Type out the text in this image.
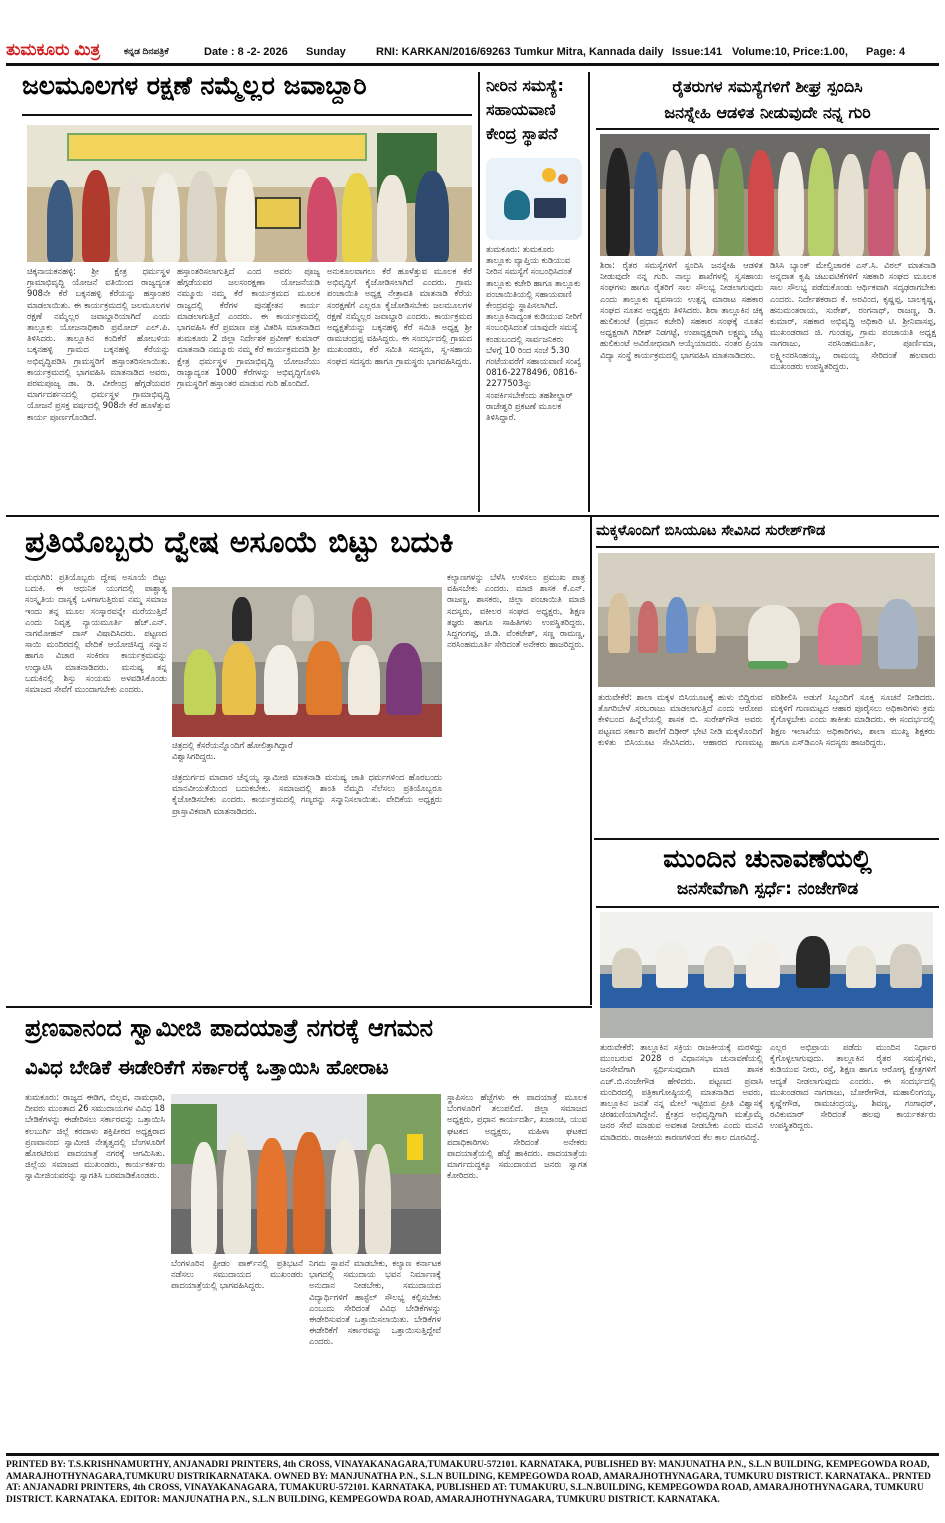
ತುಮಕೂರು ಮಿತ್ರ	ಕನ್ನಡ ದಿನಪತ್ರಿಕೆ	Date : 8 -2- 2026 Sunday	RNI: KARKAN/2016/69263 Tumkur Mitra, Kannada daily Issue:141 Volume:10, Price:1.00, Page: 4
ಜಲಮೂಲಗಳ ರಕ್ಷಣೆ ನಮ್ಮೆಲ್ಲರ ಜವಾಬ್ದಾರಿ
ಚಿಕ್ಕನಾಯಕನಹಳ್ಳಿ: ಶ್ರೀ ಕ್ಷೇತ್ರ ಧರ್ಮಸ್ಥಳ ಗ್ರಾಮಾಭಿವೃದ್ಧಿ ಯೋಜನೆ ವತಿಯಿಂದ ರಾಜ್ಯದ್ಯಂತ 908ನೇ ಕೆರೆ ಬಕ್ಕನಹಳ್ಳಿ ಕೆರೆಯನ್ನು ಹಸ್ತಾಂತರ ಮಾಡಲಾಯಿತು. ಈ ಕಾರ್ಯಕ್ರಮದಲ್ಲಿ ಜಲಮೂಲಗಳ ರಕ್ಷಣೆ ನಮ್ಮೆಲ್ಲರ ಜವಾಬ್ದಾರಿಯಾಗಿದೆ ಎಂದು ತಾಲ್ಲೂಕು ಯೋಜನಾಧಿಕಾರಿ ಪ್ರಮೋದ್ ಎಲ್.ಪಿ. ತಿಳಿಸಿದರು. ತಾಲ್ಲೂಕಿನ ಕಂದಿಕೆರೆ ಹೋಬಳಿಯ ಬಕ್ಕನಹಳ್ಳಿ ಗ್ರಾಮದ ಬಕ್ಕನಹಳ್ಳಿ ಕೆರೆಯನ್ನು ಅಭಿವೃದ್ಧಿಪಡಿಸಿ ಗ್ರಾಮಸ್ಥರಿಗೆ ಹಸ್ತಾಂತರಿಸಲಾಯಿತು. ಕಾರ್ಯಕ್ರಮದಲ್ಲಿ ಭಾಗವಹಿಸಿ ಮಾತನಾಡಿದ ಅವರು, ಪರಮಪೂಜ್ಯ ಡಾ. ಡಿ. ವೀರೇಂದ್ರ ಹೆಗ್ಗಡೆಯವರ ಮಾರ್ಗದರ್ಶನದಲ್ಲಿ ಧರ್ಮಸ್ಥಳ ಗ್ರಾಮಾಭಿವೃದ್ಧಿ ಯೋಜನೆ ಪ್ರಸಕ್ತ ವರ್ಷದಲ್ಲಿ 908ನೇ ಕೆರೆ ಹೂಳೆತ್ತುವ ಕಾರ್ಯ ಪೂರ್ಣಗೊಂಡಿದೆ.
ಹಸ್ತಾಂತರಿಸಲಾಗುತ್ತಿದೆ ಎಂದ ಅವರು ಪೂಜ್ಯ ಹೆಗ್ಗಡೆಯವರ ಜಲಸಂರಕ್ಷಣಾ ಯೋಜನೆಯಡಿ ನಮ್ಮೂರು ನಮ್ಮ ಕೆರೆ ಕಾರ್ಯಕ್ರಮದ ಮೂಲಕ ರಾಜ್ಯದಲ್ಲಿ ಕೆರೆಗಳ ಪುನಶ್ಚೇತನ ಕಾರ್ಯ ಮಾಡಲಾಗುತ್ತಿದೆ ಎಂದರು. ಈ ಕಾರ್ಯಕ್ರಮದಲ್ಲಿ ಭಾಗವಹಿಸಿ ಕೆರೆ ಪ್ರಮಾಣ ಪತ್ರ ವಿತರಿಸಿ ಮಾತನಾಡಿದ ತುಮಕೂರು 2 ಜಿಲ್ಲಾ ನಿರ್ದೇಶಕ ಪ್ರವೀಣ್ ಕುಮಾರ್ ಮಾತನಾಡಿ ನಮ್ಮೂರು ನಮ್ಮ ಕೆರೆ ಕಾರ್ಯಕ್ರಮದಡಿ ಶ್ರೀ ಕ್ಷೇತ್ರ ಧರ್ಮಸ್ಥಳ ಗ್ರಾಮಾಭಿವೃದ್ಧಿ ಯೋಜನೆಯು ರಾಜ್ಯಾದ್ಯಂತ 1000 ಕೆರೆಗಳನ್ನು ಅಭಿವೃದ್ಧಿಗೊಳಿಸಿ ಗ್ರಾಮಸ್ಥರಿಗೆ ಹಸ್ತಾಂತರ ಮಾಡುವ ಗುರಿ ಹೊಂದಿದೆ.
ಅನುಕೂಲವಾಗಲು ಕೆರೆ ಹೂಳೆತ್ತುವ ಮೂಲಕ ಕೆರೆ ಅಭಿವೃದ್ಧಿಗೆ ಕೈಜೋಡಿಸಲಾಗಿದೆ ಎಂದರು. ಗ್ರಾಮ ಪಂಚಾಯಿತಿ ಅಧ್ಯಕ್ಷ ನೇತ್ರಾವತಿ ಮಾತನಾಡಿ ಕೆರೆಯ ಸಂರಕ್ಷಣೆಗೆ ಎಲ್ಲರೂ ಕೈಜೋಡಿಸಬೇಕು ಜಲಮೂಲಗಳ ರಕ್ಷಣೆ ನಮ್ಮೆಲ್ಲರ ಜವಾಬ್ದಾರಿ ಎಂದರು. ಕಾರ್ಯಕ್ರಮದ ಅಧ್ಯಕ್ಷತೆಯನ್ನು ಬಕ್ಕನಹಳ್ಳಿ ಕೆರೆ ಸಮಿತಿ ಅಧ್ಯಕ್ಷ ಶ್ರೀ ರಾಮಚಂದ್ರಪ್ಪ ವಹಿಸಿದ್ದರು. ಈ ಸಂದರ್ಭದಲ್ಲಿ ಗ್ರಾಮದ ಮುಖಂಡರು, ಕೆರೆ ಸಮಿತಿ ಸದಸ್ಯರು, ಸ್ವ-ಸಹಾಯ ಸಂಘದ ಸದಸ್ಯರು ಹಾಗೂ ಗ್ರಾಮಸ್ಥರು ಭಾಗವಹಿಸಿದ್ದರು.
ನೀರಿನ ಸಮಸ್ಯೆ: ಸಹಾಯವಾಣಿ ಕೇಂದ್ರ ಸ್ಥಾಪನೆ
ತುಮಕೂರು: ತುಮಕೂರು ತಾಲ್ಲೂಕು ವ್ಯಾಪ್ತಿಯ ಕುಡಿಯುವ ನೀರಿನ ಸಮಸ್ಯೆಗೆ ಸಂಬಂಧಿಸಿದಂತೆ ತಾಲ್ಲೂಕು ಕಚೇರಿ ಹಾಗೂ ತಾಲ್ಲೂಕು ಪಂಚಾಯಿತಿಯಲ್ಲಿ ಸಹಾಯವಾಣಿ ಕೇಂದ್ರವನ್ನು ಸ್ಥಾಪಿಸಲಾಗಿದೆ. ತಾಲ್ಲೂಕಿನಾದ್ಯಂತ ಕುಡಿಯುವ ನೀರಿಗೆ ಸಂಬಂಧಿಸಿದಂತೆ ಯಾವುದೇ ಸಮಸ್ಯೆ ಕಂಡುಬಂದಲ್ಲಿ ಸಾರ್ವಜನಿಕರು ಬೆಳಗ್ಗೆ 10 ರಿಂದ ಸಂಜೆ 5.30 ಗಂಟೆಯವರೆಗೆ ಸಹಾಯವಾಣಿ ಸಂಖ್ಯೆ 0816-2278496, 0816-2277503ನ್ನು ಸಂಪರ್ಕಿಸಬೇಕೆಂದು ತಹಶೀಲ್ದಾರ್ ರಾಜೇಶ್ವರಿ ಪ್ರಕಟಣೆ ಮೂಲಕ ತಿಳಿಸಿದ್ದಾರೆ.
ರೈತರುಗಳ ಸಮಸ್ಯೆಗಳಿಗೆ ಶೀಘ್ರ ಸ್ಪಂದಿಸಿ
ಜನಸ್ನೇಹಿ ಆಡಳಿತ ನೀಡುವುದೇ ನನ್ನ ಗುರಿ
ಶಿರಾ: ರೈತರ ಸಮಸ್ಯೆಗಳಿಗೆ ಸ್ಪಂದಿಸಿ ಜನಸ್ನೇಹಿ ಆಡಳಿತ ನೀಡುವುದೇ ನನ್ನ ಗುರಿ. ನಾಲ್ಕು ಶಾಖೆಗಳಲ್ಲಿ ಸ್ವಸಹಾಯ ಸಂಘಗಳು ಹಾಗೂ ರೈತರಿಗೆ ಸಾಲ ಸೌಲಭ್ಯ ನೀಡಲಾಗುವುದು ಎಂದು ತಾಲ್ಲೂಕು ವ್ಯವಸಾಯ ಉತ್ಪನ್ನ ಮಾರಾಟ ಸಹಕಾರ ಸಂಘದ ನೂತನ ಅಧ್ಯಕ್ಷರು ತಿಳಿಸಿದರು. ಶಿರಾ ತಾಲ್ಲೂಕಿನ ಚಿಕ್ಕ ಹುಲಿಕುಂಟೆ (ಪ್ರಧಾನ ಕಚೇರಿ) ಸಹಕಾರ ಸಂಘಕ್ಕೆ ನೂತನ ಅಧ್ಯಕ್ಷರಾಗಿ ಗಿರೀಶ್ ನಿಡಗಟ್ಟೆ, ಉಪಾಧ್ಯಕ್ಷರಾಗಿ ಲಕ್ಷ್ಮಮ್ಮ ಜೆಟ್ಟ ಹುಲಿಕುಂಟೆ ಅವಿರೋಧವಾಗಿ ಆಯ್ಕೆಯಾದರು. ನಂತರ ಪ್ರಿಯಾ ವಿದ್ಯಾ ಸಂಸ್ಥೆ ಕಾರ್ಯಕ್ರಮದಲ್ಲಿ ಭಾಗವಹಿಸಿ ಮಾತನಾಡಿದರು.
ಡಿಸಿಸಿ ಬ್ಯಾಂಕ್ ಮೇಲ್ವಿಚಾರಕ ಎಸ್.ಸಿ. ವಿಠಲ್ ಮಾತನಾಡಿ ಅನ್ನದಾತ ಕೃಷಿ ಚಟುವಟಿಕೆಗಳಿಗೆ ಸಹಕಾರಿ ಸಂಘದ ಮೂಲಕ ಸಾಲ ಸೌಲಭ್ಯ ಪಡೆದುಕೊಂಡು ಆರ್ಥಿಕವಾಗಿ ಸದೃಢರಾಗಬೇಕು ಎಂದರು. ನಿರ್ದೇಶಕರಾದ ಕೆ. ಅರವಿಂದ, ಕೃಷ್ಣಪ್ಪ, ಬಾಲಕೃಷ್ಣ, ಹನುಮಂತರಾಯ, ಸುರೇಶ್, ರಂಗನಾಥ್, ರಾಜಣ್ಣ, ಡಿ. ಕುಮಾರ್, ಸಹಕಾರ ಅಭಿವೃದ್ಧಿ ಅಧಿಕಾರಿ ಟಿ. ಶ್ರೀನಿವಾಸಪ್ಪ, ಮುಖಂಡರಾದ ಜಿ. ಗುಂಡಪ್ಪ, ಗ್ರಾಮ ಪಂಚಾಯತಿ ಅಧ್ಯಕ್ಷ ನಾಗರಾಜು, ನರಸಿಂಹಮೂರ್ತಿ, ಪೂರ್ಣಿಮಾ, ಲಕ್ಷ್ಮೀನರಸಿಂಹಯ್ಯ, ರಾಮಯ್ಯ ಸೇರಿದಂತೆ ಹಲವಾರು ಮುಖಂಡರು ಉಪಸ್ಥಿತರಿದ್ದರು.
ಪ್ರತಿಯೊಬ್ಬರು ದ್ವೇಷ ಅಸೂಯೆ ಬಿಟ್ಟು ಬದುಕಿ
ಮಧುಗಿರಿ: ಪ್ರತಿಯೊಬ್ಬರು ದ್ವೇಷ ಅಸೂಯೆ ಬಿಟ್ಟು ಬದುಕಿ. ಈ ಆಧುನಿಕ ಯುಗದಲ್ಲಿ ಪಾಶ್ಚಾತ್ಯ ಸಂಸ್ಕೃತಿಯ ದಾಸ್ಯಕ್ಕೆ ಒಳಗಾಗುತ್ತಿರುವ ನಮ್ಮ ಸಮಾಜ ಇಂದು ತನ್ನ ಮೂಲ ಸಂಸ್ಕಾರವನ್ನೇ ಮರೆಯುತ್ತಿದೆ ಎಂದು ನಿವೃತ್ತ ನ್ಯಾಯಮೂರ್ತಿ ಹೆಚ್.ಎನ್. ನಾಗಮೋಹನ್ ದಾಸ್ ವಿಷಾದಿಸಿದರು. ಪಟ್ಟಣದ ಸಾಯಿ ಮಂದಿರದಲ್ಲಿ ವೇದಿಕೆ ಆಯೋಜಿಸಿದ್ದ ಸನ್ಮಾನ ಹಾಗೂ ವಿಚಾರ ಸಂಕಿರಣ ಕಾರ್ಯಕ್ರಮವನ್ನು ಉದ್ಘಾಟಿಸಿ ಮಾತನಾಡಿದರು. ಮನುಷ್ಯ ತನ್ನ ಬದುಕಿನಲ್ಲಿ ಶಿಸ್ತು ಸಂಯಮ ಅಳವಡಿಸಿಕೊಂಡು ಸಮಾಜದ ಸೇವೆಗೆ ಮುಂದಾಗಬೇಕು ಎಂದರು.
ಚಿತ್ರದಲ್ಲಿ ಕೆಸರೆಯನ್ನೊಂದಿಗೆ ಹೋಲಿತ್ತಾಗಿದ್ದಾರೆ ವಿಶ್ವಾಸಿಗರಿದ್ದರು.
ಚಿತ್ರದುರ್ಗದ ಮಾದಾರ ಚೆನ್ನಯ್ಯ ಸ್ವಾಮೀಜಿ ಮಾತನಾಡಿ ಮನುಷ್ಯ ಜಾತಿ ಧರ್ಮಗಳಿಂದ ಹೊರಬಂದು ಮಾನವೀಯತೆಯಿಂದ ಬದುಕಬೇಕು. ಸಮಾಜದಲ್ಲಿ ಶಾಂತಿ ನೆಮ್ಮದಿ ನೆಲೆಸಲು ಪ್ರತಿಯೊಬ್ಬರೂ ಕೈಜೋಡಿಸಬೇಕು ಎಂದರು. ಕಾರ್ಯಕ್ರಮದಲ್ಲಿ ಗಣ್ಯರನ್ನು ಸನ್ಮಾನಿಸಲಾಯಿತು. ವೇದಿಕೆಯ ಅಧ್ಯಕ್ಷರು ಪ್ರಾಸ್ತಾವಿಕವಾಗಿ ಮಾತನಾಡಿದರು.
ಕಲ್ಯಾಣಗಳನ್ನು ಬೆಳೆಸಿ ಉಳಿಸಲು ಪ್ರಮುಖ ಪಾತ್ರ ವಹಿಸಬೇಕು ಎಂದರು. ಮಾಜಿ ಶಾಸಕ ಕೆ.ಎನ್. ರಾಜಣ್ಣ, ಶಾಸಕರು, ಜಿಲ್ಲಾ ಪಂಚಾಯಿತಿ ಮಾಜಿ ಸದಸ್ಯರು, ವಕೀಲರ ಸಂಘದ ಅಧ್ಯಕ್ಷರು, ಶಿಕ್ಷಣ ತಜ್ಞರು ಹಾಗೂ ಸಾಹಿತಿಗಳು ಉಪಸ್ಥಿತರಿದ್ದರು. ಸಿದ್ದಗಂಗಪ್ಪ, ಜಿ.ಡಿ. ವೆಂಕಟೇಶ್, ಸಣ್ಣ ರಾಮಣ್ಣ, ನರಸಿಂಹಮೂರ್ತಿ ಸೇರಿದಂತೆ ಅನೇಕರು ಹಾಜರಿದ್ದರು.
ಮಕ್ಕಳೊಂದಿಗೆ ಬಿಸಿಯೂಟ ಸೇವಿಸಿದ ಸುರೇಶ್‌ಗೌಡ
ತುರುವೇಕೆರೆ: ಶಾಲಾ ಮಕ್ಕಳ ಬಿಸಿಯೂಟಕ್ಕೆ ಹುಳು ಬಿದ್ದಿರುವ ತೊಗರಿಬೇಳೆ ಸರಬರಾಜು ಮಾಡಲಾಗುತ್ತಿದೆ ಎಂದು ಆರೋಪ ಕೇಳಿಬಂದ ಹಿನ್ನೆಲೆಯಲ್ಲಿ ಶಾಸಕ ಬಿ. ಸುರೇಶ್‌ಗೌಡ ಅವರು ಪಟ್ಟಣದ ಸರ್ಕಾರಿ ಶಾಲೆಗೆ ದಿಢೀರ್ ಭೇಟಿ ನೀಡಿ ಮಕ್ಕಳೊಂದಿಗೆ ಕುಳಿತು ಬಿಸಿಯೂಟ ಸೇವಿಸಿದರು. ಆಹಾರದ ಗುಣಮಟ್ಟ ಪರಿಶೀಲಿಸಿ ಅಡುಗೆ ಸಿಬ್ಬಂದಿಗೆ ಸೂಕ್ತ ಸೂಚನೆ ನೀಡಿದರು. ಮಕ್ಕಳಿಗೆ ಗುಣಮಟ್ಟದ ಆಹಾರ ಪೂರೈಸಲು ಅಧಿಕಾರಿಗಳು ಕ್ರಮ ಕೈಗೊಳ್ಳಬೇಕು ಎಂದು ತಾಕೀತು ಮಾಡಿದರು. ಈ ಸಂದರ್ಭದಲ್ಲಿ ಶಿಕ್ಷಣ ಇಲಾಖೆಯ ಅಧಿಕಾರಿಗಳು, ಶಾಲಾ ಮುಖ್ಯ ಶಿಕ್ಷಕರು ಹಾಗೂ ಎಸ್‌ಡಿಎಂಸಿ ಸದಸ್ಯರು ಹಾಜರಿದ್ದರು.
ಮುಂದಿನ ಚುನಾವಣೆಯಲ್ಲಿ
ಜನಸೇವೆಗಾಗಿ ಸ್ಪರ್ಧೆ: ನಂಜೇಗೌಡ
ತುರುವೇಕೆರೆ: ತಾಲ್ಲೂಕಿನ ಸಕ್ರಿಯ ರಾಜಕೀಯಕ್ಕೆ ಮರಳಿದ್ದು ಮುಂಬರುವ 2028 ರ ವಿಧಾನಸಭಾ ಚುನಾವಣೆಯಲ್ಲಿ ಜನಸೇವೆಗಾಗಿ ಸ್ಪರ್ಧಿಸುವುದಾಗಿ ಮಾಜಿ ಶಾಸಕ ಎಚ್.ಬಿ.ನಂಜೇಗೌಡ ಹೇಳಿದರು. ಪಟ್ಟಣದ ಪ್ರವಾಸಿ ಮಂದಿರದಲ್ಲಿ ಪತ್ರಿಕಾಗೋಷ್ಠಿಯಲ್ಲಿ ಮಾತನಾಡಿದ ಅವರು, ತಾಲ್ಲೂಕಿನ ಜನತೆ ನನ್ನ ಮೇಲೆ ಇಟ್ಟಿರುವ ಪ್ರೀತಿ ವಿಶ್ವಾಸಕ್ಕೆ ಚಿರಋಣಿಯಾಗಿದ್ದೇನೆ. ಕ್ಷೇತ್ರದ ಅಭಿವೃದ್ಧಿಗಾಗಿ ಮತ್ತೊಮ್ಮೆ ಜನರ ಸೇವೆ ಮಾಡುವ ಅವಕಾಶ ನೀಡಬೇಕು ಎಂದು ಮನವಿ ಮಾಡಿದರು. ರಾಜಕೀಯ ಕಾರಣಗಳಿಂದ ಕೆಲ ಕಾಲ ದೂರವಿದ್ದೆ.
ಎಲ್ಲರ ಅಭಿಪ್ರಾಯ ಪಡೆದು ಮುಂದಿನ ನಿರ್ಧಾರ ಕೈಗೊಳ್ಳಲಾಗುವುದು. ತಾಲ್ಲೂಕಿನ ರೈತರ ಸಮಸ್ಯೆಗಳು, ಕುಡಿಯುವ ನೀರು, ರಸ್ತೆ, ಶಿಕ್ಷಣ ಹಾಗೂ ಆರೋಗ್ಯ ಕ್ಷೇತ್ರಗಳಿಗೆ ಆದ್ಯತೆ ನೀಡಲಾಗುವುದು ಎಂದರು. ಈ ಸಂದರ್ಭದಲ್ಲಿ ಮುಖಂಡರಾದ ನಾಗರಾಜು, ಬೋರೇಗೌಡ, ಮಹಾಲಿಂಗಯ್ಯ, ಕೃಷ್ಣೇಗೌಡ, ರಾಮಚಂದ್ರಯ್ಯ, ಶಿವಣ್ಣ, ಗಂಗಾಧರ್, ರವಿಕುಮಾರ್ ಸೇರಿದಂತೆ ಹಲವು ಕಾರ್ಯಕರ್ತರು ಉಪಸ್ಥಿತರಿದ್ದರು.
ಪ್ರಣವಾನಂದ ಸ್ವಾಮೀಜಿ ಪಾದಯಾತ್ರೆ ನಗರಕ್ಕೆ ಆಗಮನ
ವಿವಿಧ ಬೇಡಿಕೆ ಈಡೇರಿಕೆಗೆ ಸರ್ಕಾರಕ್ಕೆ ಒತ್ತಾಯಿಸಿ ಹೋರಾಟ
ತುಮಕೂರು: ರಾಜ್ಯದ ಈಡಿಗ, ಬಿಲ್ಲವ, ನಾಮಧಾರಿ, ದೀವರು ಮುಂತಾದ 26 ಸಮುದಾಯಗಳ ವಿವಿಧ 18 ಬೇಡಿಕೆಗಳನ್ನು ಈಡೇರಿಸಲು ಸರ್ಕಾರವನ್ನು ಒತ್ತಾಯಿಸಿ ಕಲಬುರ್ಗಿ ಜಿಲ್ಲೆ ಕರದಾಳು ಶಕ್ತಿಪೀಠದ ಅಧ್ಯಕ್ಷರಾದ ಪ್ರಣವಾನಂದ ಸ್ವಾಮೀಜಿ ನೇತೃತ್ವದಲ್ಲಿ ಬೆಂಗಳೂರಿಗೆ ಹೊರಟಿರುವ ಪಾದಯಾತ್ರೆ ನಗರಕ್ಕೆ ಆಗಮಿಸಿತು. ಜಿಲ್ಲೆಯ ಸಮಾಜದ ಮುಖಂಡರು, ಕಾರ್ಯಕರ್ತರು ಸ್ವಾಮೀಜಿಯವರನ್ನು ಸ್ವಾಗತಿಸಿ ಬರಮಾಡಿಕೊಂಡರು.
ಬೆಂಗಳೂರಿನ ಫ್ರೀಡಂ ಪಾರ್ಕ್‌ನಲ್ಲಿ ಪ್ರತಿಭಟನೆ ನಡೆಸಲು ಸಮುದಾಯದ ಮುಖಂಡರು ಪಾದಯಾತ್ರೆಯಲ್ಲಿ ಭಾಗವಹಿಸಿದ್ದರು.
ನಿಗಮ ಸ್ಥಾಪನೆ ಮಾಡಬೇಕು, ಕಲ್ಯಾಣ ಕರ್ನಾಟಕ ಭಾಗದಲ್ಲಿ ಸಮುದಾಯ ಭವನ ನಿರ್ಮಾಣಕ್ಕೆ ಅನುದಾನ ನೀಡಬೇಕು, ಸಮುದಾಯದ ವಿದ್ಯಾರ್ಥಿಗಳಿಗೆ ಹಾಸ್ಟೆಲ್ ಸೌಲಭ್ಯ ಕಲ್ಪಿಸಬೇಕು ಎಂಬುದು ಸೇರಿದಂತೆ ವಿವಿಧ ಬೇಡಿಕೆಗಳನ್ನು ಈಡೇರಿಸುವಂತೆ ಒತ್ತಾಯಿಸಲಾಯಿತು. ಬೇಡಿಕೆಗಳ ಈಡೇರಿಕೆಗೆ ಸರ್ಕಾರವನ್ನು ಒತ್ತಾಯಿಸುತ್ತಿದ್ದೇವೆ ಎಂದರು.
ಸ್ಥಾಪಿಸಲು ಹೆಜ್ಜೆಗಳು ಈ ಪಾದಯಾತ್ರೆ ಮೂಲಕ ಬೆಂಗಳೂರಿಗೆ ತಲುಪಲಿದೆ. ಜಿಲ್ಲಾ ಸಮಾಜದ ಅಧ್ಯಕ್ಷರು, ಪ್ರಧಾನ ಕಾರ್ಯದರ್ಶಿ, ಖಜಾಂಚಿ, ಯುವ ಘಟಕದ ಅಧ್ಯಕ್ಷರು, ಮಹಿಳಾ ಘಟಕದ ಪದಾಧಿಕಾರಿಗಳು ಸೇರಿದಂತೆ ಅನೇಕರು ಪಾದಯಾತ್ರೆಯಲ್ಲಿ ಹೆಜ್ಜೆ ಹಾಕಿದರು. ಪಾದಯಾತ್ರೆಯ ಮಾರ್ಗದುದ್ದಕ್ಕೂ ಸಮುದಾಯದ ಜನರು ಸ್ವಾಗತ ಕೋರಿದರು.
PRINTED BY: T.S.KRISHNAMURTHY, ANJANADRI PRINTERS, 4th CROSS, VINAYAKANAGARA,TUMAKURU-572101. KARNATAKA, PUBLISHED BY: MANJUNATHA P.N., S.L.N BUILDING, KEMPEGOWDA ROAD, AMARAJHOTHYNAGARA,TUMKURU DISTRIKARNATAKA. OWNED BY: MANJUNATHA P.N., S.L.N BUILDING, KEMPEGOWDA ROAD, AMARAJHOTHYNAGARA, TUMKURU DISTRICT. KARNATAKA.. PRNTED AT: ANJANADRI PRINTERS, 4th CROSS, VINAYAKANAGARA, TUMAKURU-572101. KARNATAKA, PUBLISHED AT: TUMAKURU, S.L.N.BUILDING, KEMPEGOWDA ROAD, AMARAJHOTHYNAGARA, TUMKURU DISTRICT. KARNATAKA. EDITOR: MANJUNATHA P.N., S.L.N BUILDING, KEMPEGOWDA ROAD, AMARAJHOTHYNAGARA, TUMKURU DISTRICT. KARNATAKA.
